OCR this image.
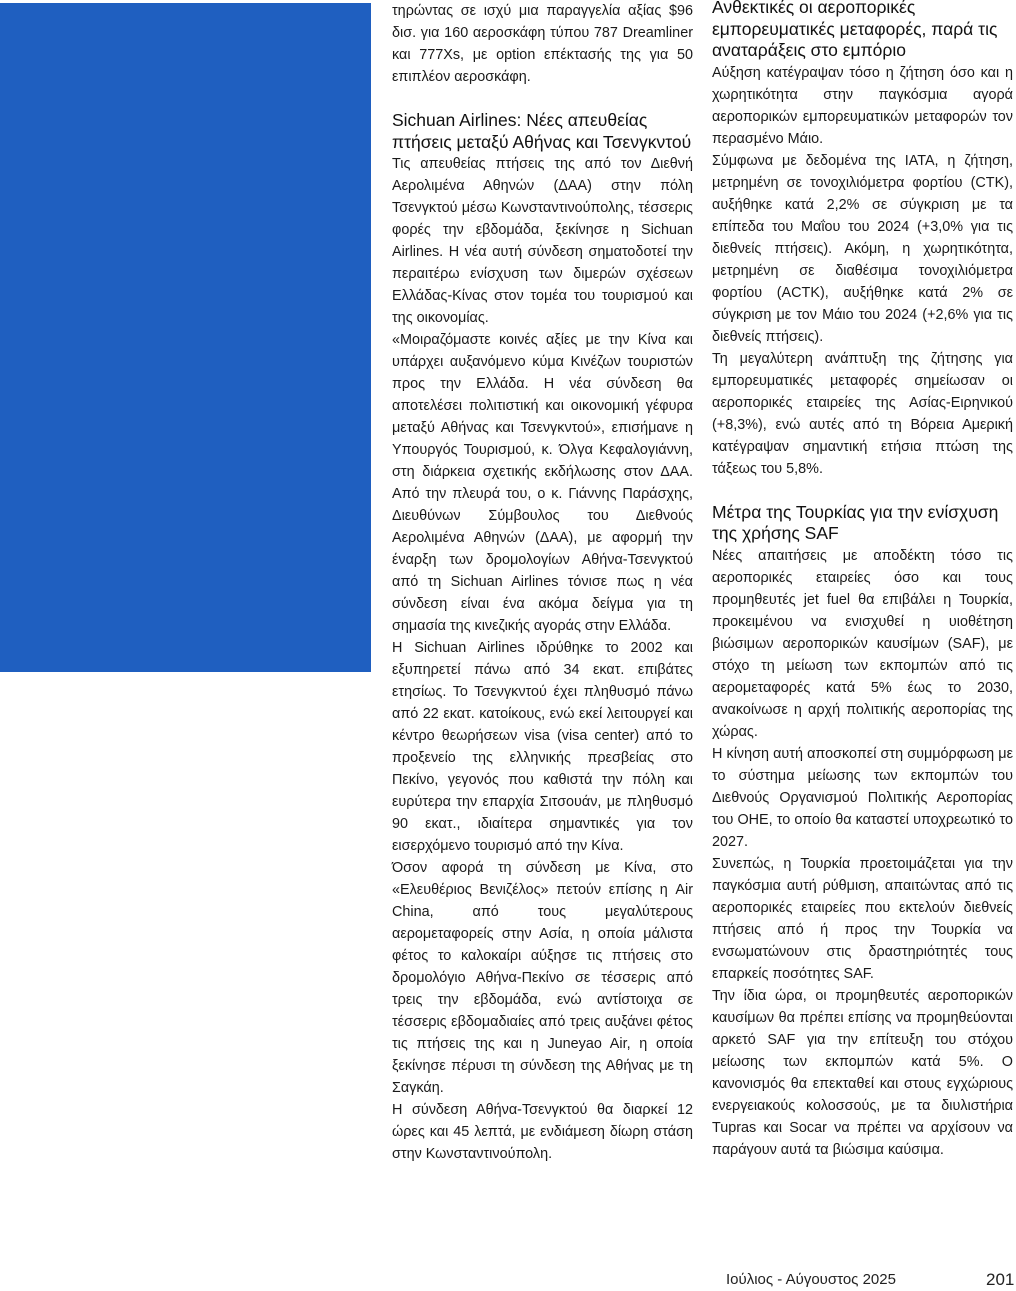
τηρώντας σε ισχύ μια παραγγελία αξίας $96 δισ. για 160 αεροσκάφη τύπου 787 Dreamliner και 777Xs, με option επέκτασής της για 50 επιπλέον αεροσκάφη.

Sichuan Airlines: Νέες απευθείας πτήσεις μεταξύ Αθήνας και Τσενγκντού

Τις απευθείας πτήσεις της από τον Διεθνή Αερολιμένα Αθηνών (ΔΑΑ) στην πόλη Τσενγκτού μέσω Κωνσταντινούπολης, τέσσερις φορές την εβδομάδα, ξεκίνησε η Sichuan Airlines. Η νέα αυτή σύνδεση σηματοδοτεί την περαιτέρω ενίσχυση των διμερών σχέσεων Ελλάδας-Κίνας στον τομέα του τουρισμού και της οικονομίας.

«Μοιραζόμαστε κοινές αξίες με την Κίνα και υπάρχει αυξανόμενο κύμα Κινέζων τουριστών προς την Ελλάδα. Η νέα σύνδεση θα αποτελέσει πολιτιστική και οικονομική γέφυρα μεταξύ Αθήνας και Τσενγκντού», επισήμανε η Υπουργός Τουρισμού, κ. Όλγα Κεφαλογιάννη, στη διάρκεια σχετικής εκδήλωσης στον ΔΑΑ. Από την πλευρά του, ο κ. Γιάννης Παράσχης, Διευθύνων Σύμβουλος του Διεθνούς Αερολιμένα Αθηνών (ΔΑΑ), με αφορμή την έναρξη των δρομολογίων Αθήνα-Τσενγκτού από τη Sichuan Airlines τόνισε πως η νέα σύνδεση είναι ένα ακόμα δείγμα για τη σημασία της κινεζικής αγοράς στην Ελλάδα.

Η Sichuan Airlines ιδρύθηκε το 2002 και εξυπηρετεί πάνω από 34 εκατ. επιβάτες ετησίως. Το Τσενγκντού έχει πληθυσμό πάνω από 22 εκατ. κατοίκους, ενώ εκεί λειτουργεί και κέντρο θεωρήσεων visa (visa center) από το προξενείο της ελληνικής πρεσβείας στο Πεκίνο, γεγονός που καθιστά την πόλη και ευρύτερα την επαρχία Σιτσουάν, με πληθυσμό 90 εκατ., ιδιαίτερα σημαντικές για τον εισερχόμενο τουρισμό από την Κίνα.

Όσον αφορά τη σύνδεση με Κίνα, στο «Ελευθέριος Βενιζέλος» πετούν επίσης η Air China, από τους μεγαλύτερους αερομεταφορείς στην Ασία, η οποία μάλιστα φέτος το καλοκαίρι αύξησε τις πτήσεις στο δρομολόγιο Αθήνα-Πεκίνο σε τέσσερις από τρεις την εβδομάδα, ενώ αντίστοιχα σε τέσσερις εβδομαδιαίες από τρεις αυξάνει φέτος τις πτήσεις της και η Juneyao Air, η οποία ξεκίνησε πέρυσι τη σύνδεση της Αθήνας με τη Σαγκάη.

Η σύνδεση Αθήνα-Τσενγκτού θα διαρκεί 12 ώρες και 45 λεπτά, με ενδιάμεση δίωρη στάση στην Κωνσταντινούπολη.

Ανθεκτικές οι αεροπορικές εμπορευματικές μεταφορές, παρά τις αναταράξεις στο εμπόριο

Αύξηση κατέγραψαν τόσο η ζήτηση όσο και η χωρητικότητα στην παγκόσμια αγορά αεροπορικών εμπορευματικών μεταφορών τον περασμένο Μάιο.

Σύμφωνα με δεδομένα της IATA, η ζήτηση, μετρημένη σε τονοχιλιόμετρα φορτίου (CTK), αυξήθηκε κατά 2,2% σε σύγκριση με τα επίπεδα του Μαΐου του 2024 (+3,0% για τις διεθνείς πτήσεις). Ακόμη, η χωρητικότητα, μετρημένη σε διαθέσιμα τονοχιλιόμετρα φορτίου (ACTK), αυξήθηκε κατά 2% σε σύγκριση με τον Μάιο του 2024 (+2,6% για τις διεθνείς πτήσεις).

Τη μεγαλύτερη ανάπτυξη της ζήτησης για εμπορευματικές μεταφορές σημείωσαν οι αεροπορικές εταιρείες της Ασίας-Ειρηνικού (+8,3%), ενώ αυτές από τη Βόρεια Αμερική κατέγραψαν σημαντική ετήσια πτώση της τάξεως του 5,8%.

Μέτρα της Τουρκίας για την ενίσχυση της χρήσης SAF

Νέες απαιτήσεις με αποδέκτη τόσο τις αεροπορικές εταιρείες όσο και τους προμηθευτές jet fuel θα επιβάλει η Τουρκία, προκειμένου να ενισχυθεί η υιοθέτηση βιώσιμων αεροπορικών καυσίμων (SAF), με στόχο τη μείωση των εκπομπών από τις αερομεταφορές κατά 5% έως το 2030, ανακοίνωσε η αρχή πολιτικής αεροπορίας της χώρας.

Η κίνηση αυτή αποσκοπεί στη συμμόρφωση με το σύστημα μείωσης των εκπομπών του Διεθνούς Οργανισμού Πολιτικής Αεροπορίας του ΟΗΕ, το οποίο θα καταστεί υποχρεωτικό το 2027.

Συνεπώς, η Τουρκία προετοιμάζεται για την παγκόσμια αυτή ρύθμιση, απαιτώντας από τις αεροπορικές εταιρείες που εκτελούν διεθνείς πτήσεις από ή προς την Τουρκία να ενσωματώνουν στις δραστηριότητές τους επαρκείς ποσότητες SAF.

Την ίδια ώρα, οι προμηθευτές αεροπορικών καυσίμων θα πρέπει επίσης να προμηθεύονται αρκετό SAF για την επίτευξη του στόχου μείωσης των εκπομπών κατά 5%. Ο κανονισμός θα επεκταθεί και στους εγχώριους ενεργειακούς κολοσσούς, με τα διυλιστήρια Tupras και Socar να πρέπει να αρχίσουν να παράγουν αυτά τα βιώσιμα καύσιμα.

Ιούλιος - Αύγουστος 2025	201
